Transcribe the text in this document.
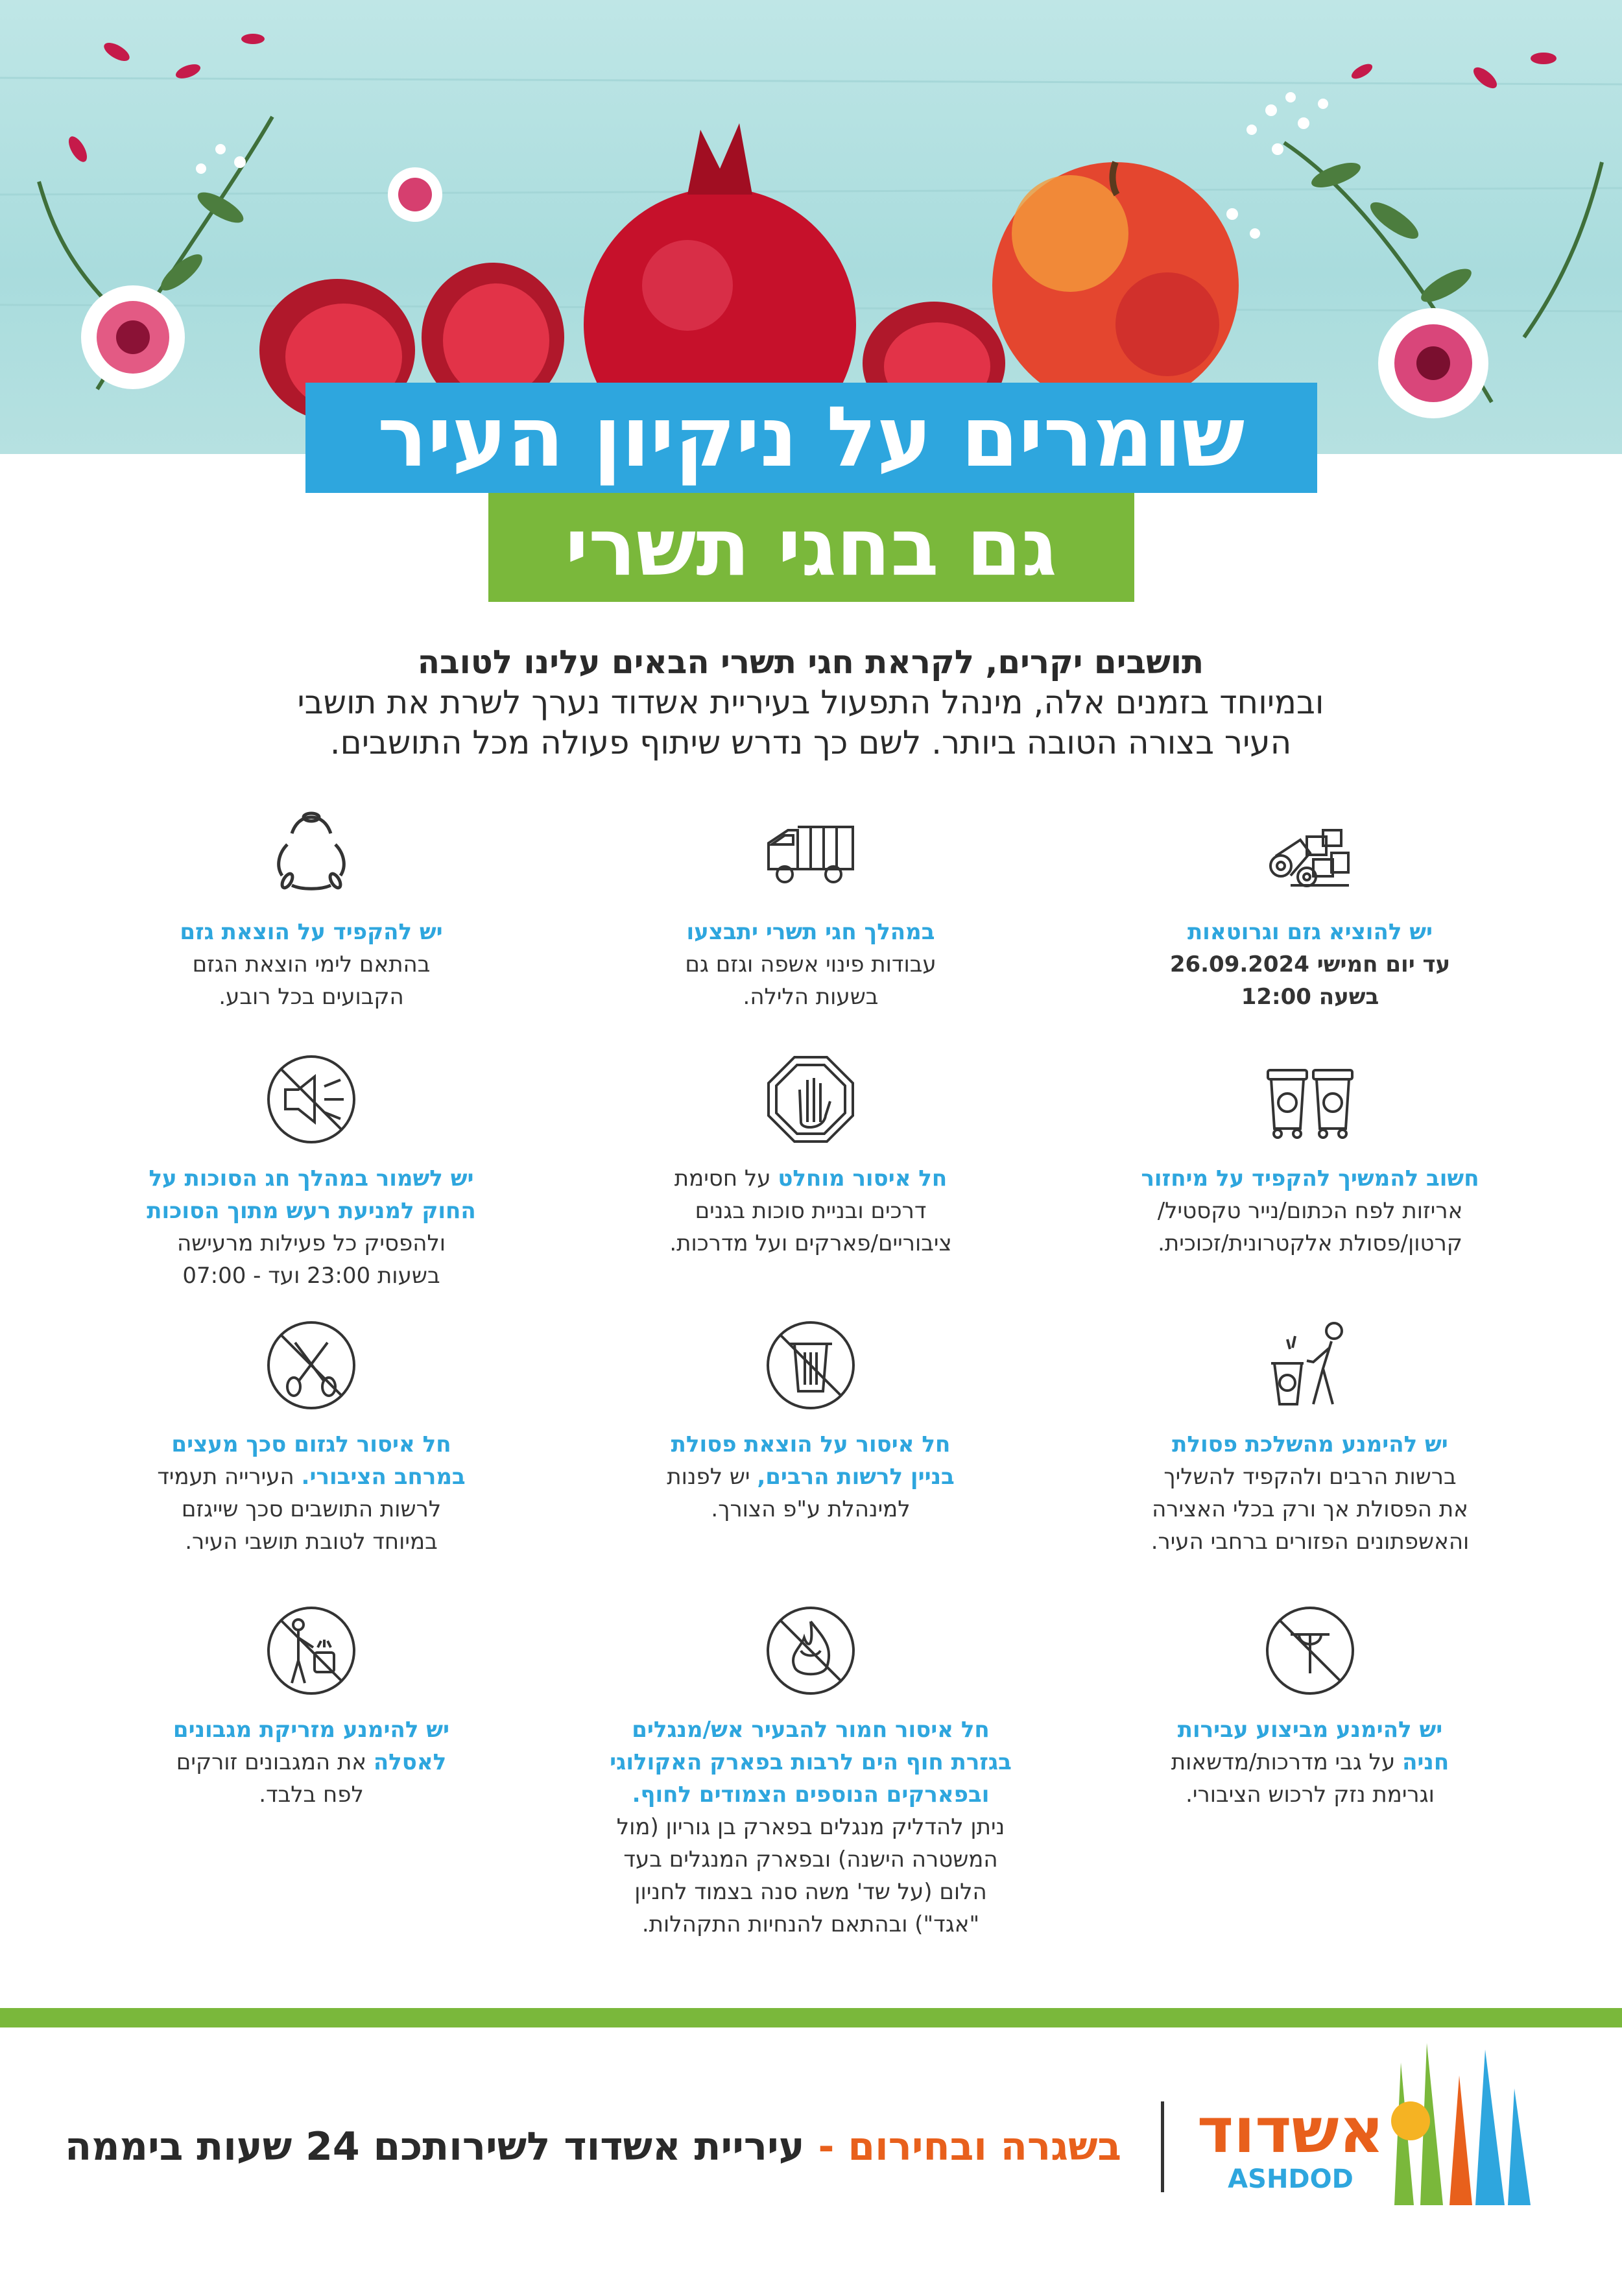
שומרים על ניקיון העיר
גם בחגי תשרי
תושבים יקרים, לקראת חגי תשרי הבאים עלינו לטובה
ובמיוחד בזמנים אלה, מינהל התפעול בעיריית אשדוד נערך לשרת את תושבי
העיר בצורה הטובה ביותר. לשם כך נדרש שיתוף פעולה מכל התושבים.
יש להוציא גזם וגרוטאות
עד יום חמישי 26.09.2024
בשעה 12:00
במהלך חגי תשרי יתבצעו
עבודות פינוי אשפה וגזם גם
בשעות הלילה.
יש להקפיד על הוצאת גזם
בהתאם לימי הוצאת הגזם
הקבועים בכל רובע.
חשוב להמשיך להקפיד על מיחזור
אריזות לפח הכתום/נייר טקסטיל/
קרטון/פסולת אלקטרונית/זכוכית.
חל איסור מוחלט על חסימת
דרכים ובניית סוכות בגנים
ציבוריים/פארקים ועל מדרכות.
יש לשמור במהלך חג הסוכות על
החוק למניעת רעש מתוך הסוכות
ולהפסיק כל פעילות מרעישה
בשעות 23:00 ועד - 07:00
יש להימנע מהשלכת פסולת
ברשות הרבים ולהקפיד להשליך
את הפסולת אך ורק בכלי האצירה
והאשפתונים הפזורים ברחבי העיר.
חל איסור על הוצאת פסולת
בניין לרשות הרבים, יש לפנות
למינהלת ע"פ הצורך.
חל איסור לגזום סכך מעצים
במרחב הציבורי. העירייה תעמיד
לרשות התושבים סכך שייגזם
במיוחד לטובת תושבי העיר.
יש להימנע מביצוע עבירות
חניה על גבי מדרכות/מדשאות
וגרימת נזק לרכוש הציבורי.
חל איסור חמור להבעיר אש/מנגלים
בגזרת חוף הים לרבות בפארק האקולוגי
ובפארקים הנוספים הצמודים לחוף.
ניתן להדליק מנגלים בפארק בן גוריון (מול
המשטרה הישנה) ובפארק המנגלים בעד
הלום (על שד' משה סנה בצמוד לחניון
"אגד") ובהתאם להנחיות התקהלות.
יש להימנע מזריקת מגבונים
לאסלה את המגבונים זורקים
לפח בלבד.
בשגרה ובחירום - עיריית אשדוד לשירותכם 24 שעות ביממה	אשדוד
ASHDOD
